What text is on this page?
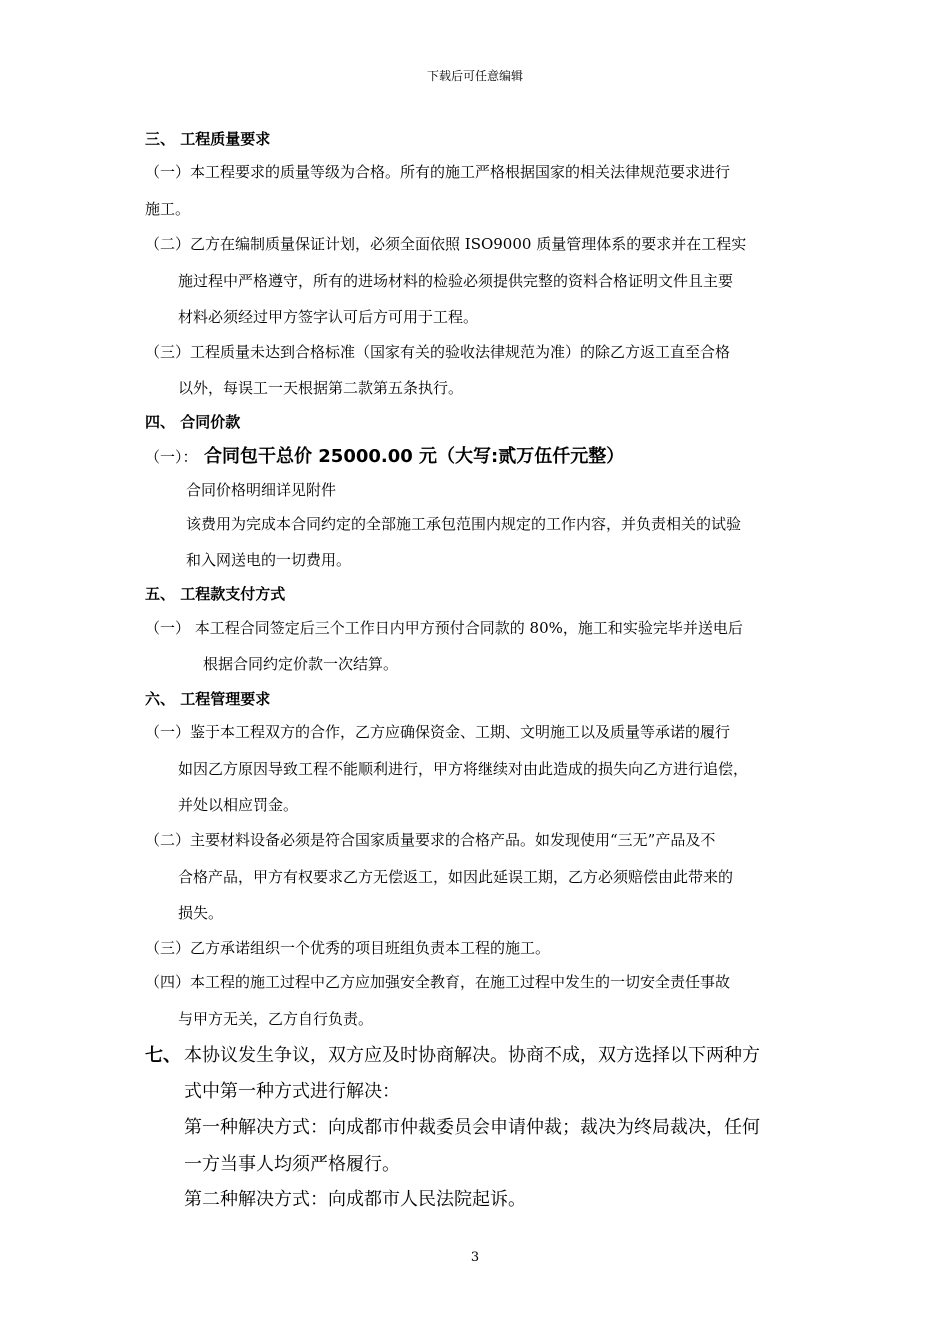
下载后可任意编辑
三、 工程质量要求
（一）本工程要求的质量等级为合格。所有的施工严格根据国家的相关法律规范要求进行
施工。
（二）乙方在编制质量保证计划，必须全面依照 ISO9000 质量管理体系的要求并在工程实
施过程中严格遵守，所有的进场材料的检验必须提供完整的资料合格证明文件且主要
材料必须经过甲方签字认可后方可用于工程。
（三）工程质量未达到合格标准（国家有关的验收法律规范为准）的除乙方返工直至合格
以外，每误工一天根据第二款第五条执行。
四、 合同价款
（一）： 合同包干总价 25000.00 元（大写:贰万伍仟元整）
合同价格明细详见附件
该费用为完成本合同约定的全部施工承包范围内规定的工作内容，并负责相关的试验
和入网送电的一切费用。
五、 工程款支付方式
（一） 本工程合同签定后三个工作日内甲方预付合同款的 80%，施工和实验完毕并送电后
根据合同约定价款一次结算。
六、 工程管理要求
（一）鉴于本工程双方的合作，乙方应确保资金、工期、文明施工以及质量等承诺的履行
如因乙方原因导致工程不能顺利进行，甲方将继续对由此造成的损失向乙方进行追偿，
并处以相应罚金。
（二）主要材料设备必须是符合国家质量要求的合格产品。如发现使用“三无”产品及不
合格产品，甲方有权要求乙方无偿返工，如因此延误工期，乙方必须赔偿由此带来的
损失。
（三）乙方承诺组织一个优秀的项目班组负责本工程的施工。
（四）本工程的施工过程中乙方应加强安全教育，在施工过程中发生的一切安全责任事故
与甲方无关，乙方自行负责。
七、 本协议发生争议，双方应及时协商解决。协商不成，双方选择以下两种方
式中第一种方式进行解决：
第一种解决方式：向成都市仲裁委员会申请仲裁；裁决为终局裁决，任何
一方当事人均须严格履行。
第二种解决方式：向成都市人民法院起诉。
3
